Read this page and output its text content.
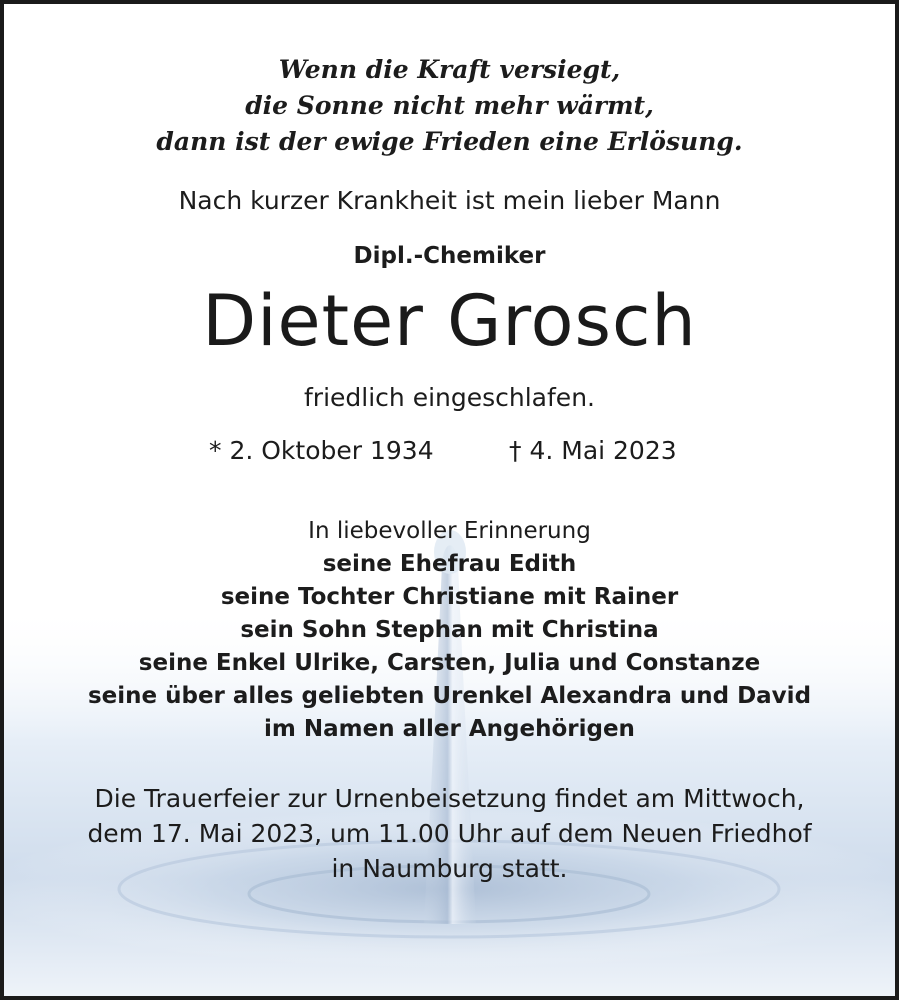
Wenn die Kraft versiegt,
die Sonne nicht mehr wärmt,
dann ist der ewige Frieden eine Erlösung.
Nach kurzer Krankheit ist mein lieber Mann
Dipl.-Chemiker
Dieter Grosch
friedlich eingeschlafen.
* 2. Oktober 1934	† 4. Mai 2023
In liebevoller Erinnerung
seine Ehefrau Edith
seine Tochter Christiane mit Rainer
sein Sohn Stephan mit Christina
seine Enkel Ulrike, Carsten, Julia und Constanze
seine über alles geliebten Urenkel Alexandra und David
im Namen aller Angehörigen
Die Trauerfeier zur Urnenbeisetzung findet am Mittwoch,
dem 17. Mai 2023, um 11.00 Uhr auf dem Neuen Friedhof
in Naumburg statt.
